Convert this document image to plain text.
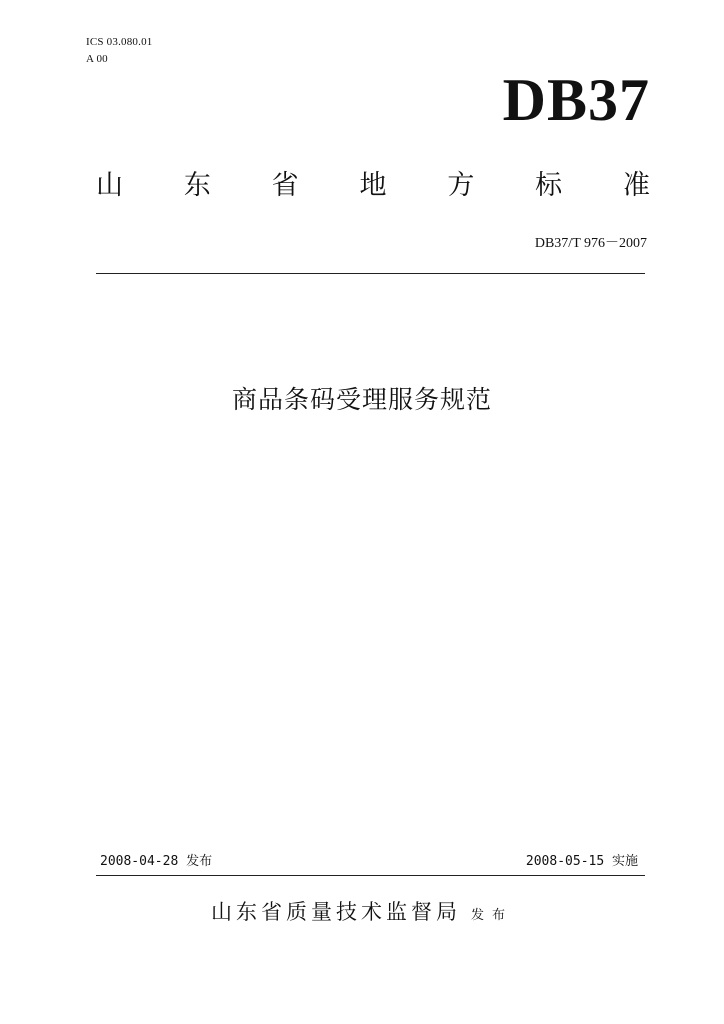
ICS 03.080.01
A 00
DB37
山 东 省 地 方 标 准
DB37/T 976－2007
商品条码受理服务规范
2008-04-28 发布	2008-05-15 实施
山东省质量技术监督局 发布
